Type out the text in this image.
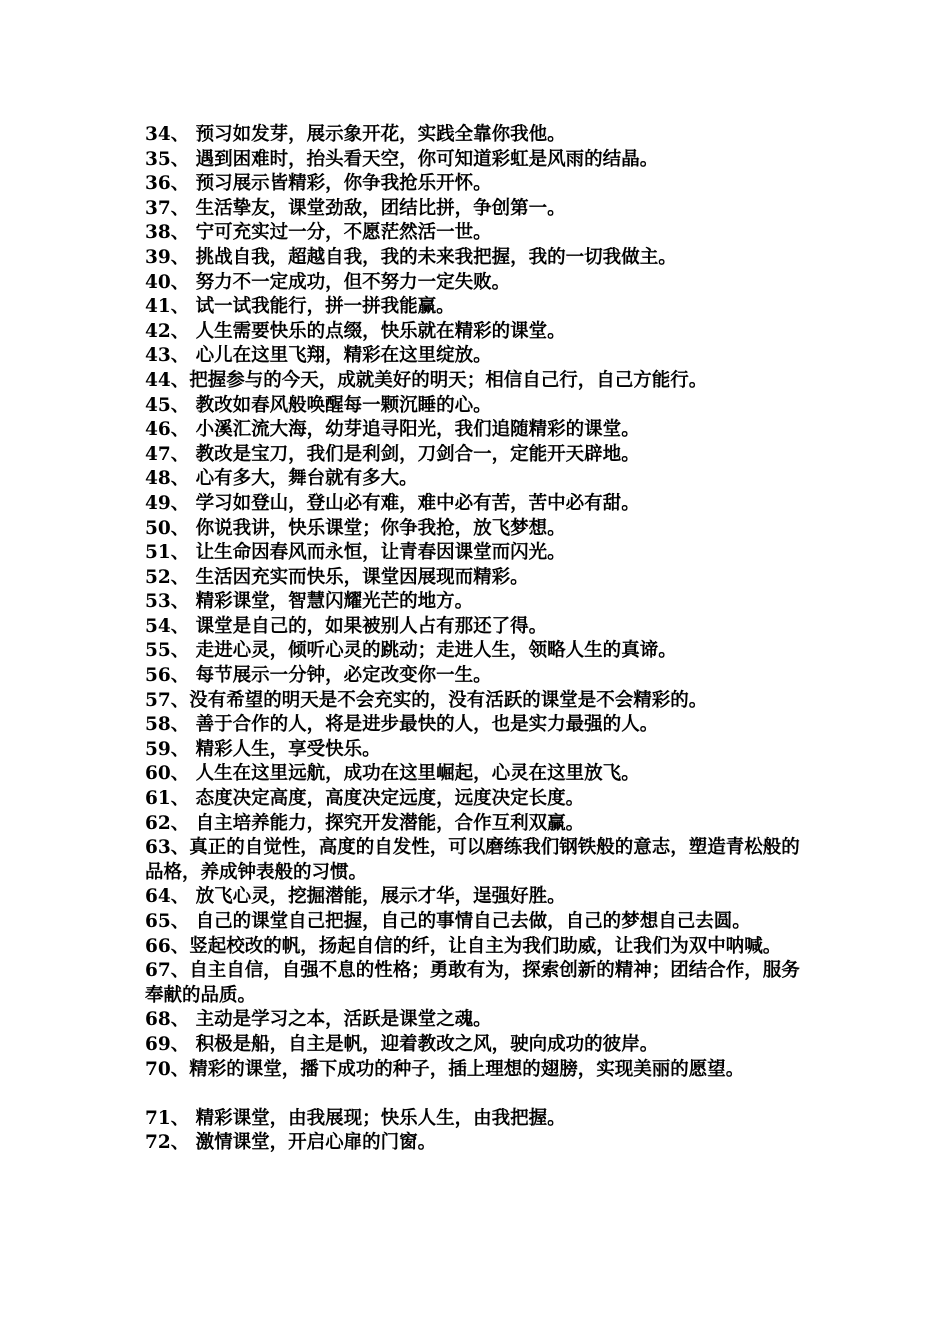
34、 预习如发芽，展示象开花，实践全靠你我他。

35、 遇到困难时，抬头看天空，你可知道彩虹是风雨的结晶。

36、 预习展示皆精彩，你争我抢乐开怀。

37、 生活挚友，课堂劲敌，团结比拼，争创第一。

38、 宁可充实过一分，不愿茫然活一世。

39、 挑战自我，超越自我，我的未来我把握，我的一切我做主。

40、 努力不一定成功，但不努力一定失败。

41、 试一试我能行，拼一拼我能赢。

42、 人生需要快乐的点缀，快乐就在精彩的课堂。

43、 心儿在这里飞翔，精彩在这里绽放。

44、把握参与的今天，成就美好的明天；相信自己行，自己方能行。

45、 教改如春风般唤醒每一颗沉睡的心。

46、 小溪汇流大海，幼芽追寻阳光，我们追随精彩的课堂。

47、 教改是宝刀，我们是利剑，刀剑合一，定能开天辟地。

48、 心有多大，舞台就有多大。

49、 学习如登山，登山必有难，难中必有苦，苦中必有甜。

50、 你说我讲，快乐课堂；你争我抢，放飞梦想。

51、 让生命因春风而永恒，让青春因课堂而闪光。

52、 生活因充实而快乐，课堂因展现而精彩。

53、 精彩课堂，智慧闪耀光芒的地方。

54、 课堂是自己的，如果被别人占有那还了得。

55、 走进心灵，倾听心灵的跳动；走进人生，领略人生的真谛。

56、 每节展示一分钟，必定改变你一生。

57、没有希望的明天是不会充实的，没有活跃的课堂是不会精彩的。

58、 善于合作的人，将是进步最快的人，也是实力最强的人。

59、 精彩人生，享受快乐。

60、 人生在这里远航，成功在这里崛起，心灵在这里放飞。

61、 态度决定高度，高度决定远度，远度决定长度。

62、 自主培养能力，探究开发潜能，合作互利双赢。

63、真正的自觉性，高度的自发性，可以磨练我们钢铁般的意志，塑造青松般的品格，养成钟表般的习惯。

64、 放飞心灵，挖掘潜能，展示才华，逞强好胜。

65、 自己的课堂自己把握，自己的事情自己去做，自己的梦想自己去圆。

66、竖起校改的帆，扬起自信的纤，让自主为我们助威，让我们为双中呐喊。

67、自主自信，自强不息的性格；勇敢有为，探索创新的精神；团结合作，服务奉献的品质。

68、 主动是学习之本，活跃是课堂之魂。

69、 积极是船，自主是帆，迎着教改之风，驶向成功的彼岸。

70、精彩的课堂，播下成功的种子，插上理想的翅膀，实现美丽的愿望。

71、 精彩课堂，由我展现；快乐人生，由我把握。

72、 激情课堂，开启心扉的门窗。
